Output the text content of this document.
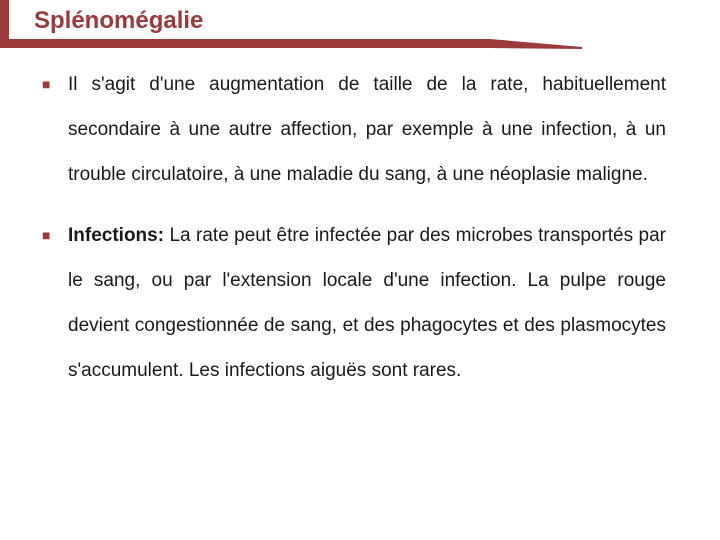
Splénomégalie
■ Il s'agit d'une augmentation de taille de la rate, habituellement secondaire à une autre affection, par exemple à une infection, à un trouble circulatoire, à une maladie du sang, à une néoplasie maligne.
■ Infections: La rate peut être infectée par des microbes transportés par le sang, ou par l'extension locale d'une infection. La pulpe rouge devient congestionnée de sang, et des phagocytes et des plasmocytes s'accumulent. Les infections aiguës sont rares.
